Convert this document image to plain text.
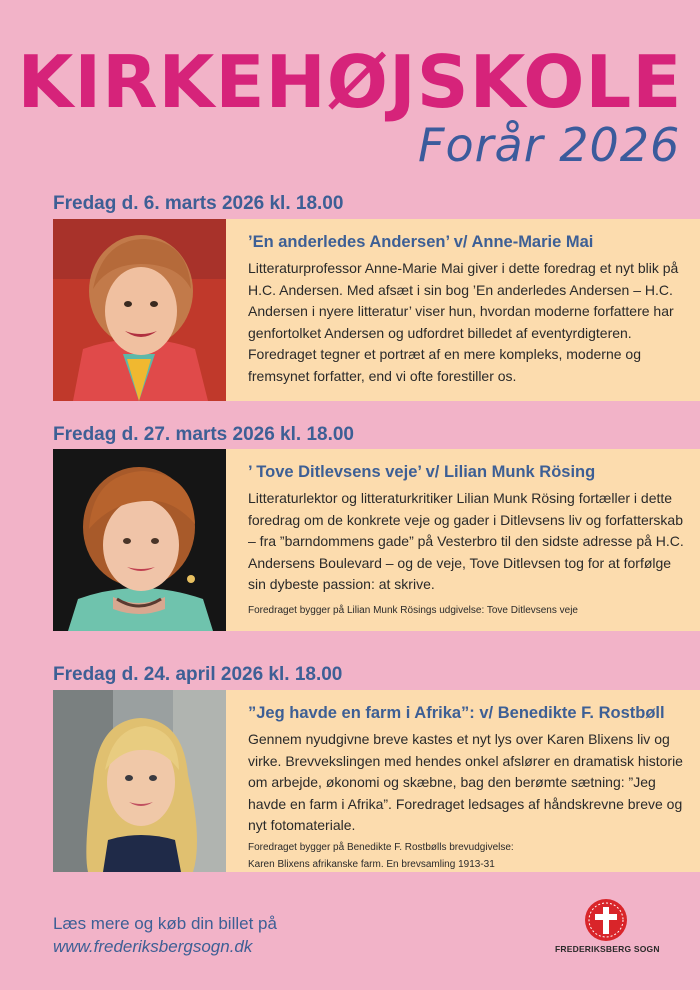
KIRKEHØJSKOLE
Forår 2026
Fredag d. 6. marts 2026 kl. 18.00
’En anderledes Andersen’ v/ Anne-Marie Mai
Litteraturprofessor Anne-Marie Mai giver i dette foredrag et nyt blik på H.C. Andersen. Med afsæt i sin bog ’En anderledes Andersen – H.C. Andersen i nyere litteratur’ viser hun, hvordan moderne forfattere har genfortolket Andersen og udfordret billedet af eventyrdigteren. Foredraget tegner et portræt af en mere kompleks, moderne og fremsynet forfatter, end vi ofte forestiller os.
Fredag d. 27. marts 2026 kl. 18.00
’ Tove Ditlevsens veje’ v/ Lilian Munk Rösing
Litteraturlektor og litteraturkritiker Lilian Munk Rösing fortæller i dette foredrag om de konkrete veje og gader i Ditlevsens liv og forfatterskab – fra ”barndommens gade” på Vesterbro til den sidste adresse på H.C. Andersens Boulevard – og de veje, Tove Ditlevsen tog for at forfølge sin dybeste passion: at skrive.
Foredraget bygger på Lilian Munk Rösings udgivelse: Tove Ditlevsens veje
Fredag d. 24. april 2026 kl. 18.00
”Jeg havde en farm i Afrika”: v/ Benedikte F. Rostbøll
Gennem nyudgivne breve kastes et nyt lys over Karen Blixens liv og virke. Brevvekslingen med hendes onkel afslører en dramatisk historie om arbejde, økonomi og skæbne, bag den berømte sætning: ”Jeg havde en farm i Afrika”. Foredraget ledsages af håndskrevne breve og nyt fotomateriale.
Foredraget bygger på Benedikte F. Rostbølls brevudgivelse:
Karen Blixens afrikanske farm. En brevsamling 1913-31
Læs mere og køb din billet på
www.frederiksbergsogn.dk	FREDERIKSBERG SOGN
